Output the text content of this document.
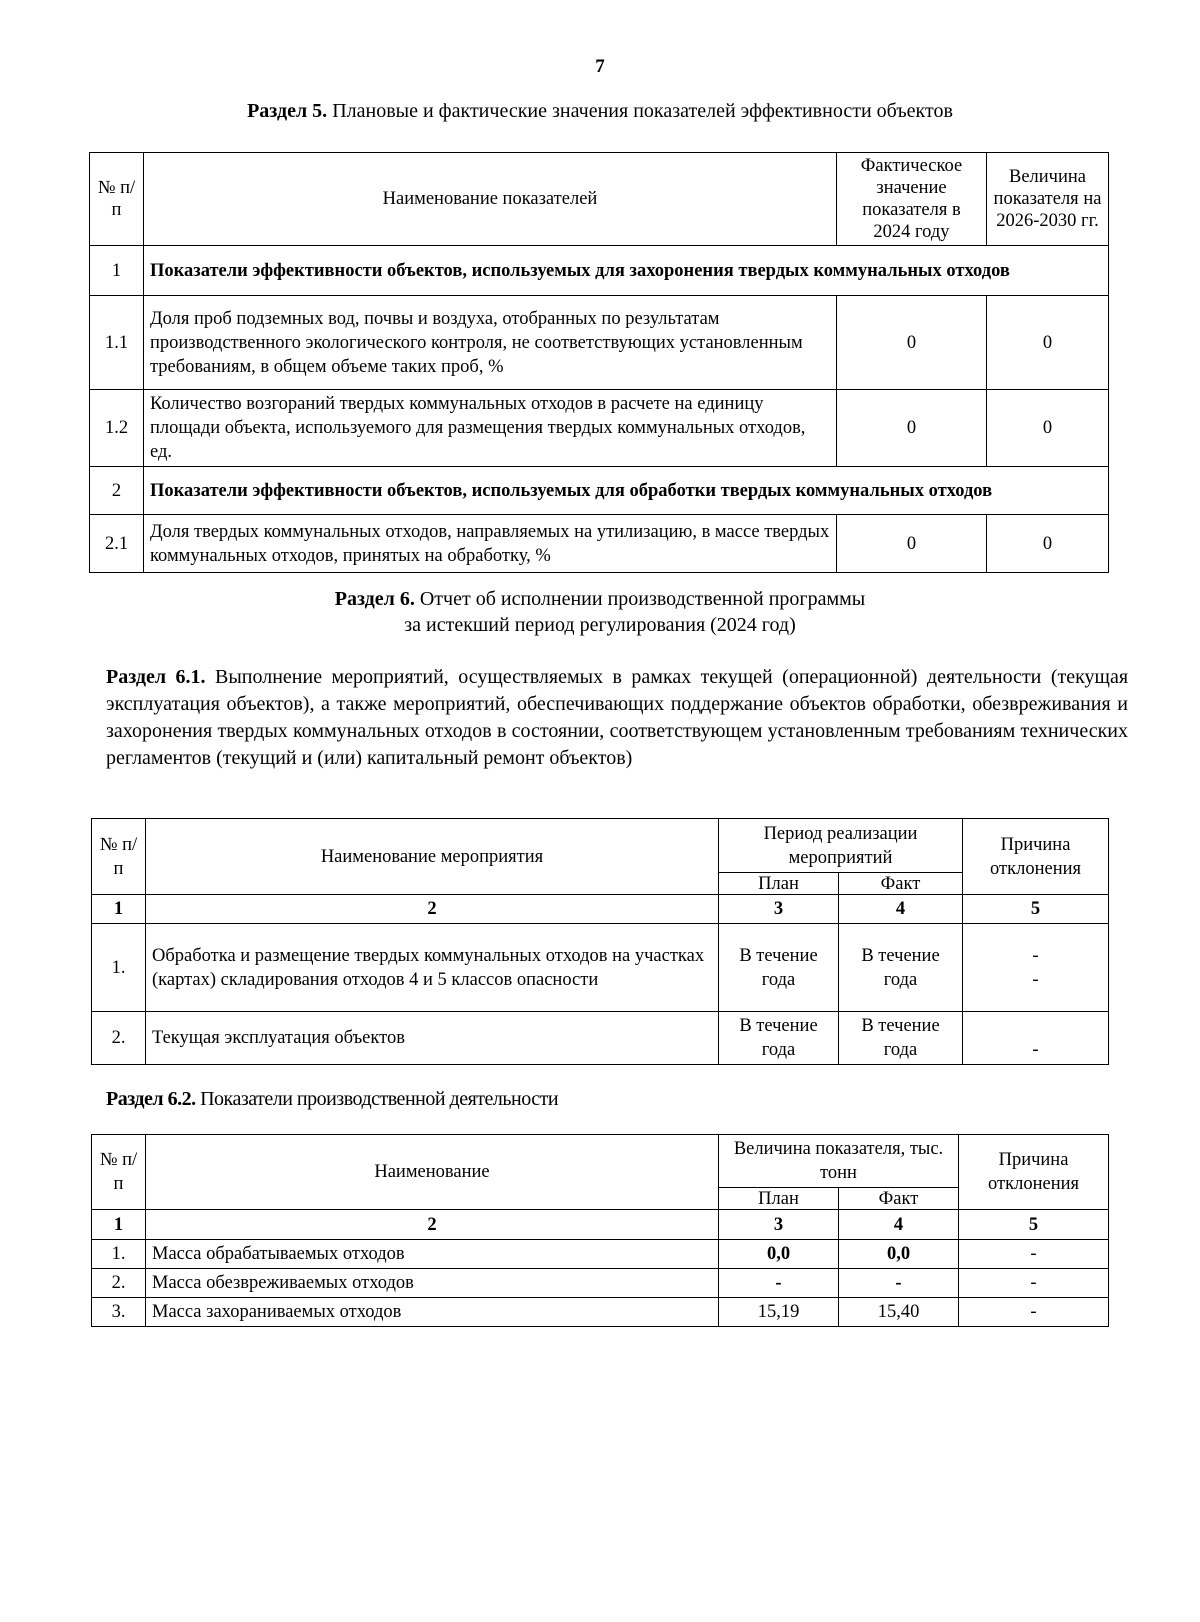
7
Раздел 5. Плановые и фактические значения показателей эффективности объектов
№ п/п	Наименование показателей	Фактическое значение показателя в 2024 году	Величина показателя на 2026-2030 гг.
1	Показатели эффективности объектов, используемых для захоронения твердых коммунальных отходов		
1.1	Доля проб подземных вод, почвы и воздуха, отобранных по результатам производственного экологического контроля, не соответствующих установленным требованиям, в общем объеме таких проб, %	0	0
1.2	Количество возгораний твердых коммунальных отходов в расчете на единицу площади объекта, используемого для размещения твердых коммунальных отходов, ед.	0	0
2	Показатели эффективности объектов, используемых для обработки твердых коммунальных отходов		
2.1	Доля твердых коммунальных отходов, направляемых на утилизацию, в массе твердых коммунальных отходов, принятых на обработку, %	0	0
Раздел 6. Отчет об исполнении производственной программы
за истекший период регулирования (2024 год)
Раздел 6.1. Выполнение мероприятий, осуществляемых в рамках текущей (операционной) деятельности (текущая эксплуатация объектов), а также мероприятий, обеспечивающих поддержание объектов обработки, обезвреживания и захоронения твердых коммунальных отходов в состоянии, соответствующем установленным требованиям технических регламентов (текущий и (или) капитальный ремонт объектов)
№ п/п	Наименование мероприятия	Период реализации мероприятий		Причина отклонения
		План	Факт	
1	2	3	4	5
1.	Обработка и размещение твердых коммунальных отходов на участках (картах) складирования отходов 4 и 5 классов опасности	В течение года	В течение года	-
-

2.	Текущая эксплуатация объектов	В течение года	В течение года	-
Раздел 6.2. Показатели производственной деятельности
№ п/п	Наименование	Величина показателя, тыс. тонн		Причина отклонения
		План	Факт	
1	2	3	4	5
1.	Масса обрабатываемых отходов	0,0	0,0	-
2.	Масса обезвреживаемых отходов	-	-	-
3.	Масса захораниваемых отходов	15,19	15,40	-
